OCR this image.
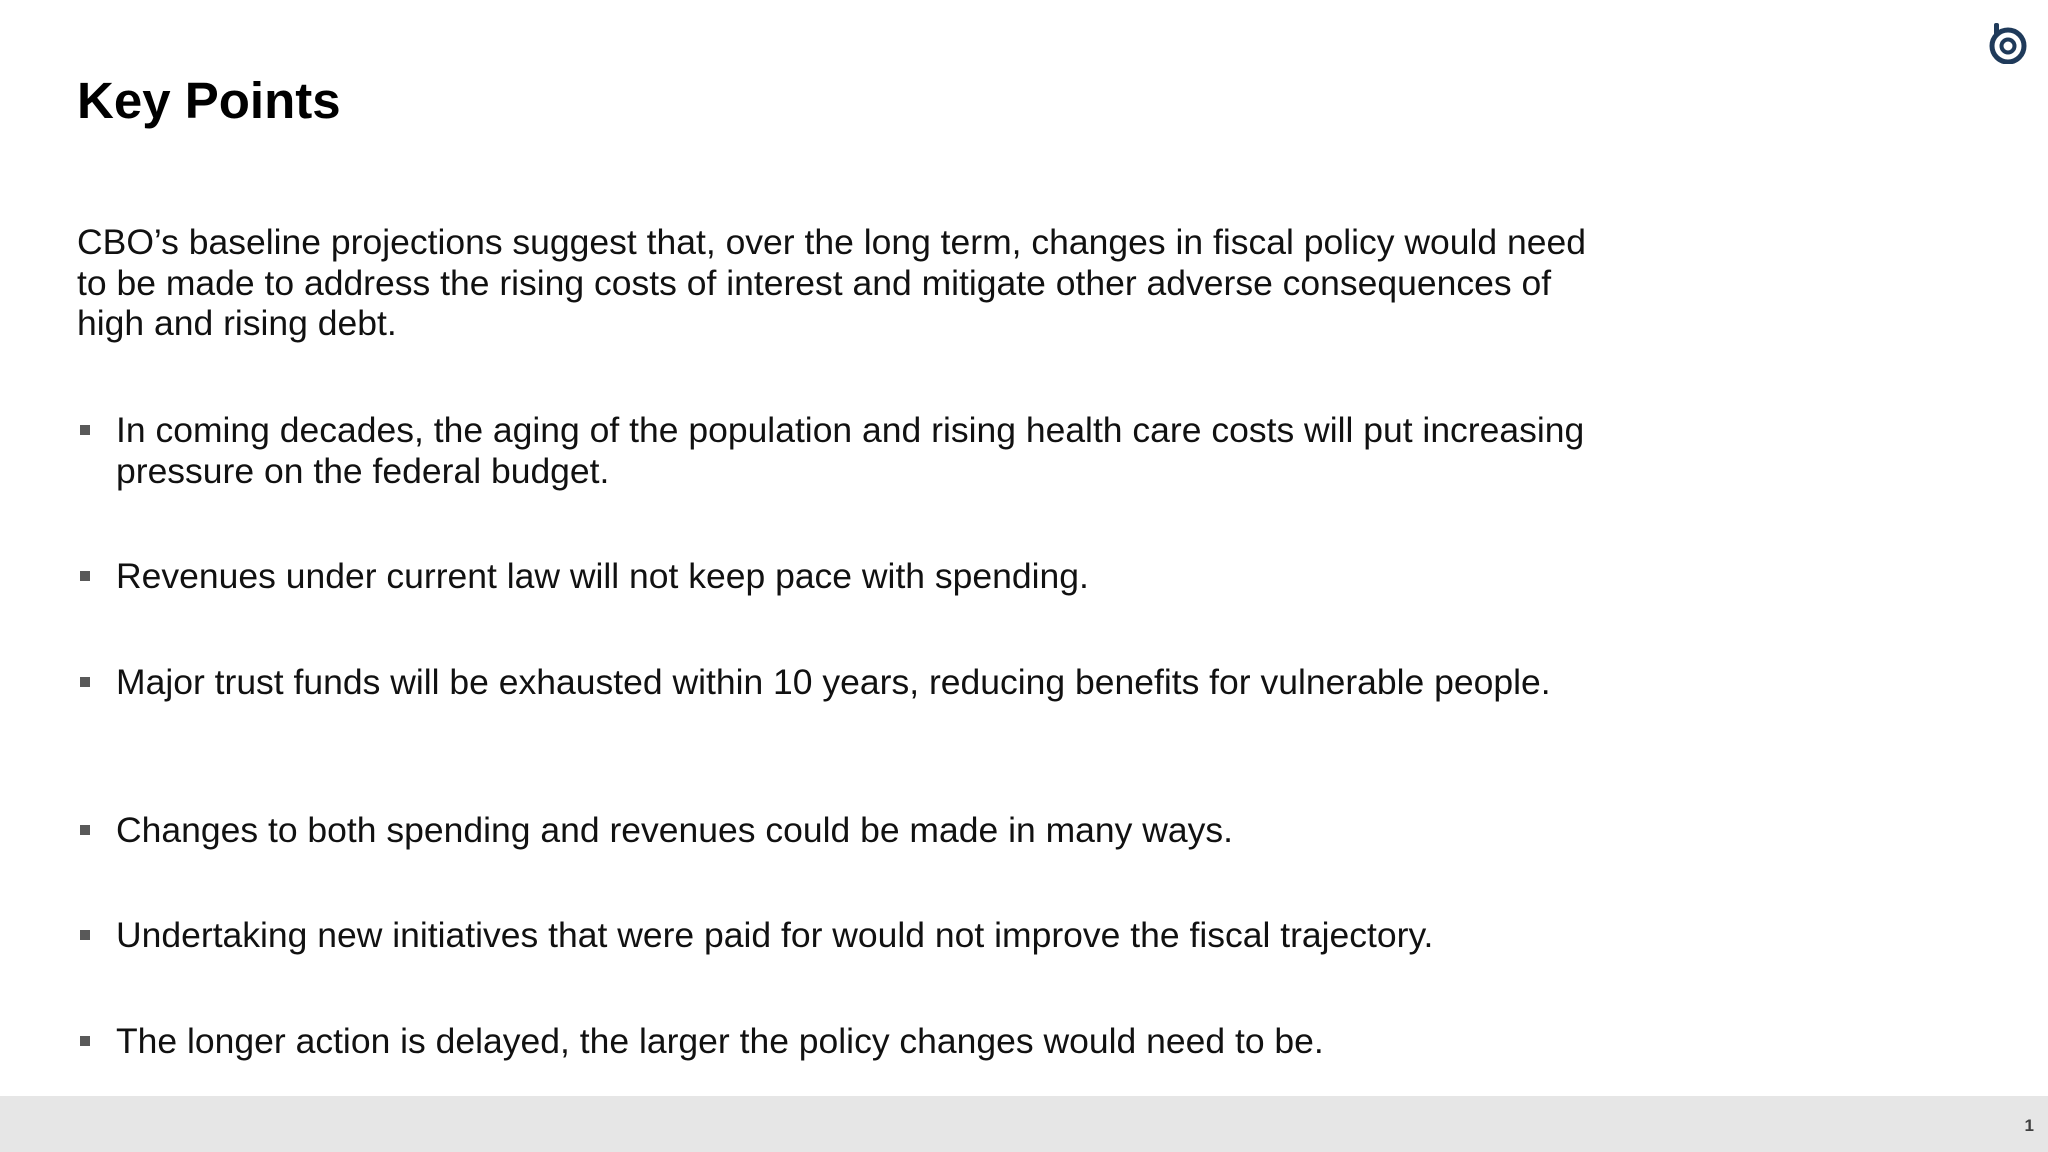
Key Points

CBO’s baseline projections suggest that, over the long term, changes in fiscal policy would need to be made to address the rising costs of interest and mitigate other adverse consequences of high and rising debt.

In coming decades, the aging of the population and rising health care costs will put increasing pressure on the federal budget.
Revenues under current law will not keep pace with spending.
Major trust funds will be exhausted within 10 years, reducing benefits for vulnerable people.
Changes to both spending and revenues could be made in many ways.
Undertaking new initiatives that were paid for would not improve the fiscal trajectory.
The longer action is delayed, the larger the policy changes would need to be.
1
